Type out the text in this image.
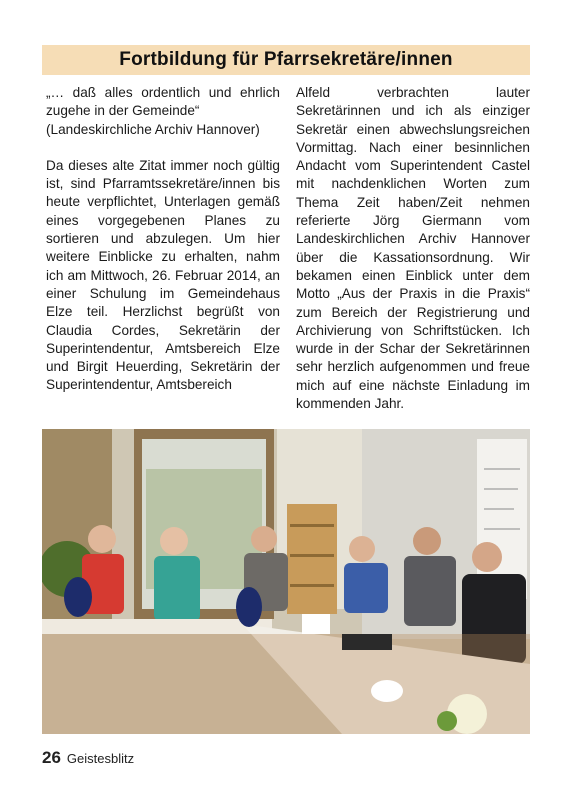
Fortbildung für Pfarrsekretäre/innen

„… daß alles ordentlich und ehrlich zugehe in der Gemeinde“

(Landeskirchliche Archiv Hannover)

Da dieses alte Zitat immer noch gültig ist, sind Pfarramtssekretäre/innen bis heute verpflichtet, Unterlagen gemäß eines vorgegebenen Planes zu sortieren und abzulegen. Um hier weitere Einblicke zu erhalten, nahm ich am Mittwoch, 26. Februar 2014, an einer Schulung im Gemeindehaus Elze teil. Herzlichst begrüßt von Claudia Cordes, Sekretärin der Superintendentur, Amtsbereich Elze und Birgit Heuerding, Sekretärin der Superintendentur, Amtsbereich

Alfeld verbrachten lauter Sekretärinnen und ich als einziger Sekretär einen abwechslungsreichen Vormittag. Nach einer besinnlichen Andacht vom Superintendent Castel mit nachdenklichen Worten zum Thema Zeit haben/Zeit nehmen referierte Jörg Giermann vom Landeskirchlichen Archiv Hannover über die Kassationsordnung. Wir bekamen einen Einblick unter dem Motto „Aus der Praxis in die Praxis“ zum Bereich der Registrierung und Archivierung von Schriftstücken. Ich wurde in der Schar der Sekretärinnen sehr herzlich aufgenommen und freue mich auf eine nächste Einladung im kommenden Jahr.

26 Geistesblitz
